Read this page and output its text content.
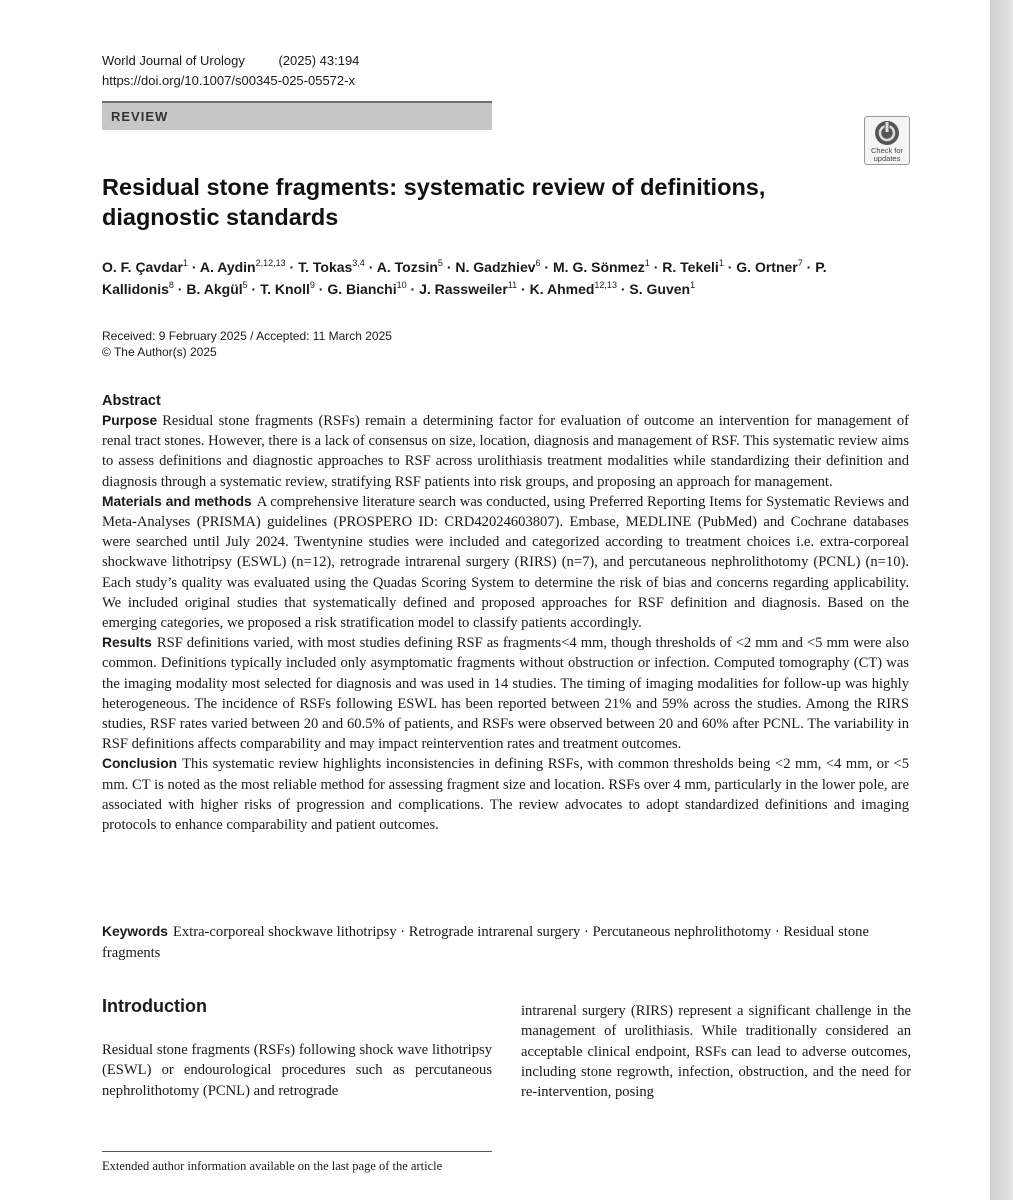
World Journal of Urology	(2025) 43:194
https://doi.org/10.1007/s00345-025-05572-x
REVIEW
Check for
updates
Residual stone fragments: systematic review of definitions, diagnostic standards
O. F. Çavdar$^1$ · A. Aydin$^{2,12,13}$ · T. Tokas$^{3,4}$ · A. Tozsin$^5$ · N. Gadzhiev$^6$ · M. G. Sönmez$^1$ · R. Tekeli$^1$ · G. Ortner$^7$ · P. Kallidonis$^8$ · B. Akgül$^5$ · T. Knoll$^9$ · G. Bianchi$^{10}$ · J. Rassweiler$^{11}$ · K. Ahmed$^{12,13}$ · S. Guven$^1$
Received: 9 February 2025 / Accepted: 11 March 2025
© The Author(s) 2025
Abstract

Purpose Residual stone fragments (RSFs) remain a determining factor for evaluation of outcome an intervention for management of renal tract stones. However, there is a lack of consensus on size, location, diagnosis and management of RSF. This systematic review aims to assess definitions and diagnostic approaches to RSF across urolithiasis treatment modalities while standardizing their definition and diagnosis through a systematic review, stratifying RSF patients into risk groups, and proposing an approach for management.

Materials and methods A comprehensive literature search was conducted, using Preferred Reporting Items for Systematic Reviews and Meta-Analyses (PRISMA) guidelines (PROSPERO ID: CRD42024603807). Embase, MEDLINE (PubMed) and Cochrane databases were searched until July 2024. Twentynine studies were included and categorized according to treatment choices i.e. extra-corporeal shockwave lithotripsy (ESWL) (n=12), retrograde intrarenal surgery (RIRS) (n=7), and percutaneous nephrolithotomy (PCNL) (n=10). Each study’s quality was evaluated using the Quadas Scoring System to determine the risk of bias and concerns regarding applicability. We included original studies that systematically defined and proposed approaches for RSF definition and diagnosis. Based on the emerging categories, we proposed a risk stratification model to classify patients accordingly.

Results RSF definitions varied, with most studies defining RSF as fragments<4 mm, though thresholds of <2 mm and <5 mm were also common. Definitions typically included only asymptomatic fragments without obstruction or infection. Computed tomography (CT) was the imaging modality most selected for diagnosis and was used in 14 studies. The timing of imaging modalities for follow-up was highly heterogeneous. The incidence of RSFs following ESWL has been reported between 21% and 59% across the studies. Among the RIRS studies, RSF rates varied between 20 and 60.5% of patients, and RSFs were observed between 20 and 60% after PCNL. The variability in RSF definitions affects comparability and may impact reintervention rates and treatment outcomes.

Conclusion This systematic review highlights inconsistencies in defining RSFs, with common thresholds being <2 mm, <4 mm, or <5 mm. CT is noted as the most reliable method for assessing fragment size and location. RSFs over 4 mm, particularly in the lower pole, are associated with higher risks of progression and complications. The review advocates to adopt standardized definitions and imaging protocols to enhance comparability and patient outcomes.

Keywords Extra-corporeal shockwave lithotripsy · Retrograde intrarenal surgery · Percutaneous nephrolithotomy · Residual stone fragments
Introduction
Residual stone fragments (RSFs) following shock wave lithotripsy (ESWL) or endourological procedures such as percutaneous nephrolithotomy (PCNL) and retrograde
intrarenal surgery (RIRS) represent a significant challenge in the management of urolithiasis. While traditionally considered an acceptable clinical endpoint, RSFs can lead to adverse outcomes, including stone regrowth, infection, obstruction, and the need for re-intervention, posing
Extended author information available on the last page of the article
